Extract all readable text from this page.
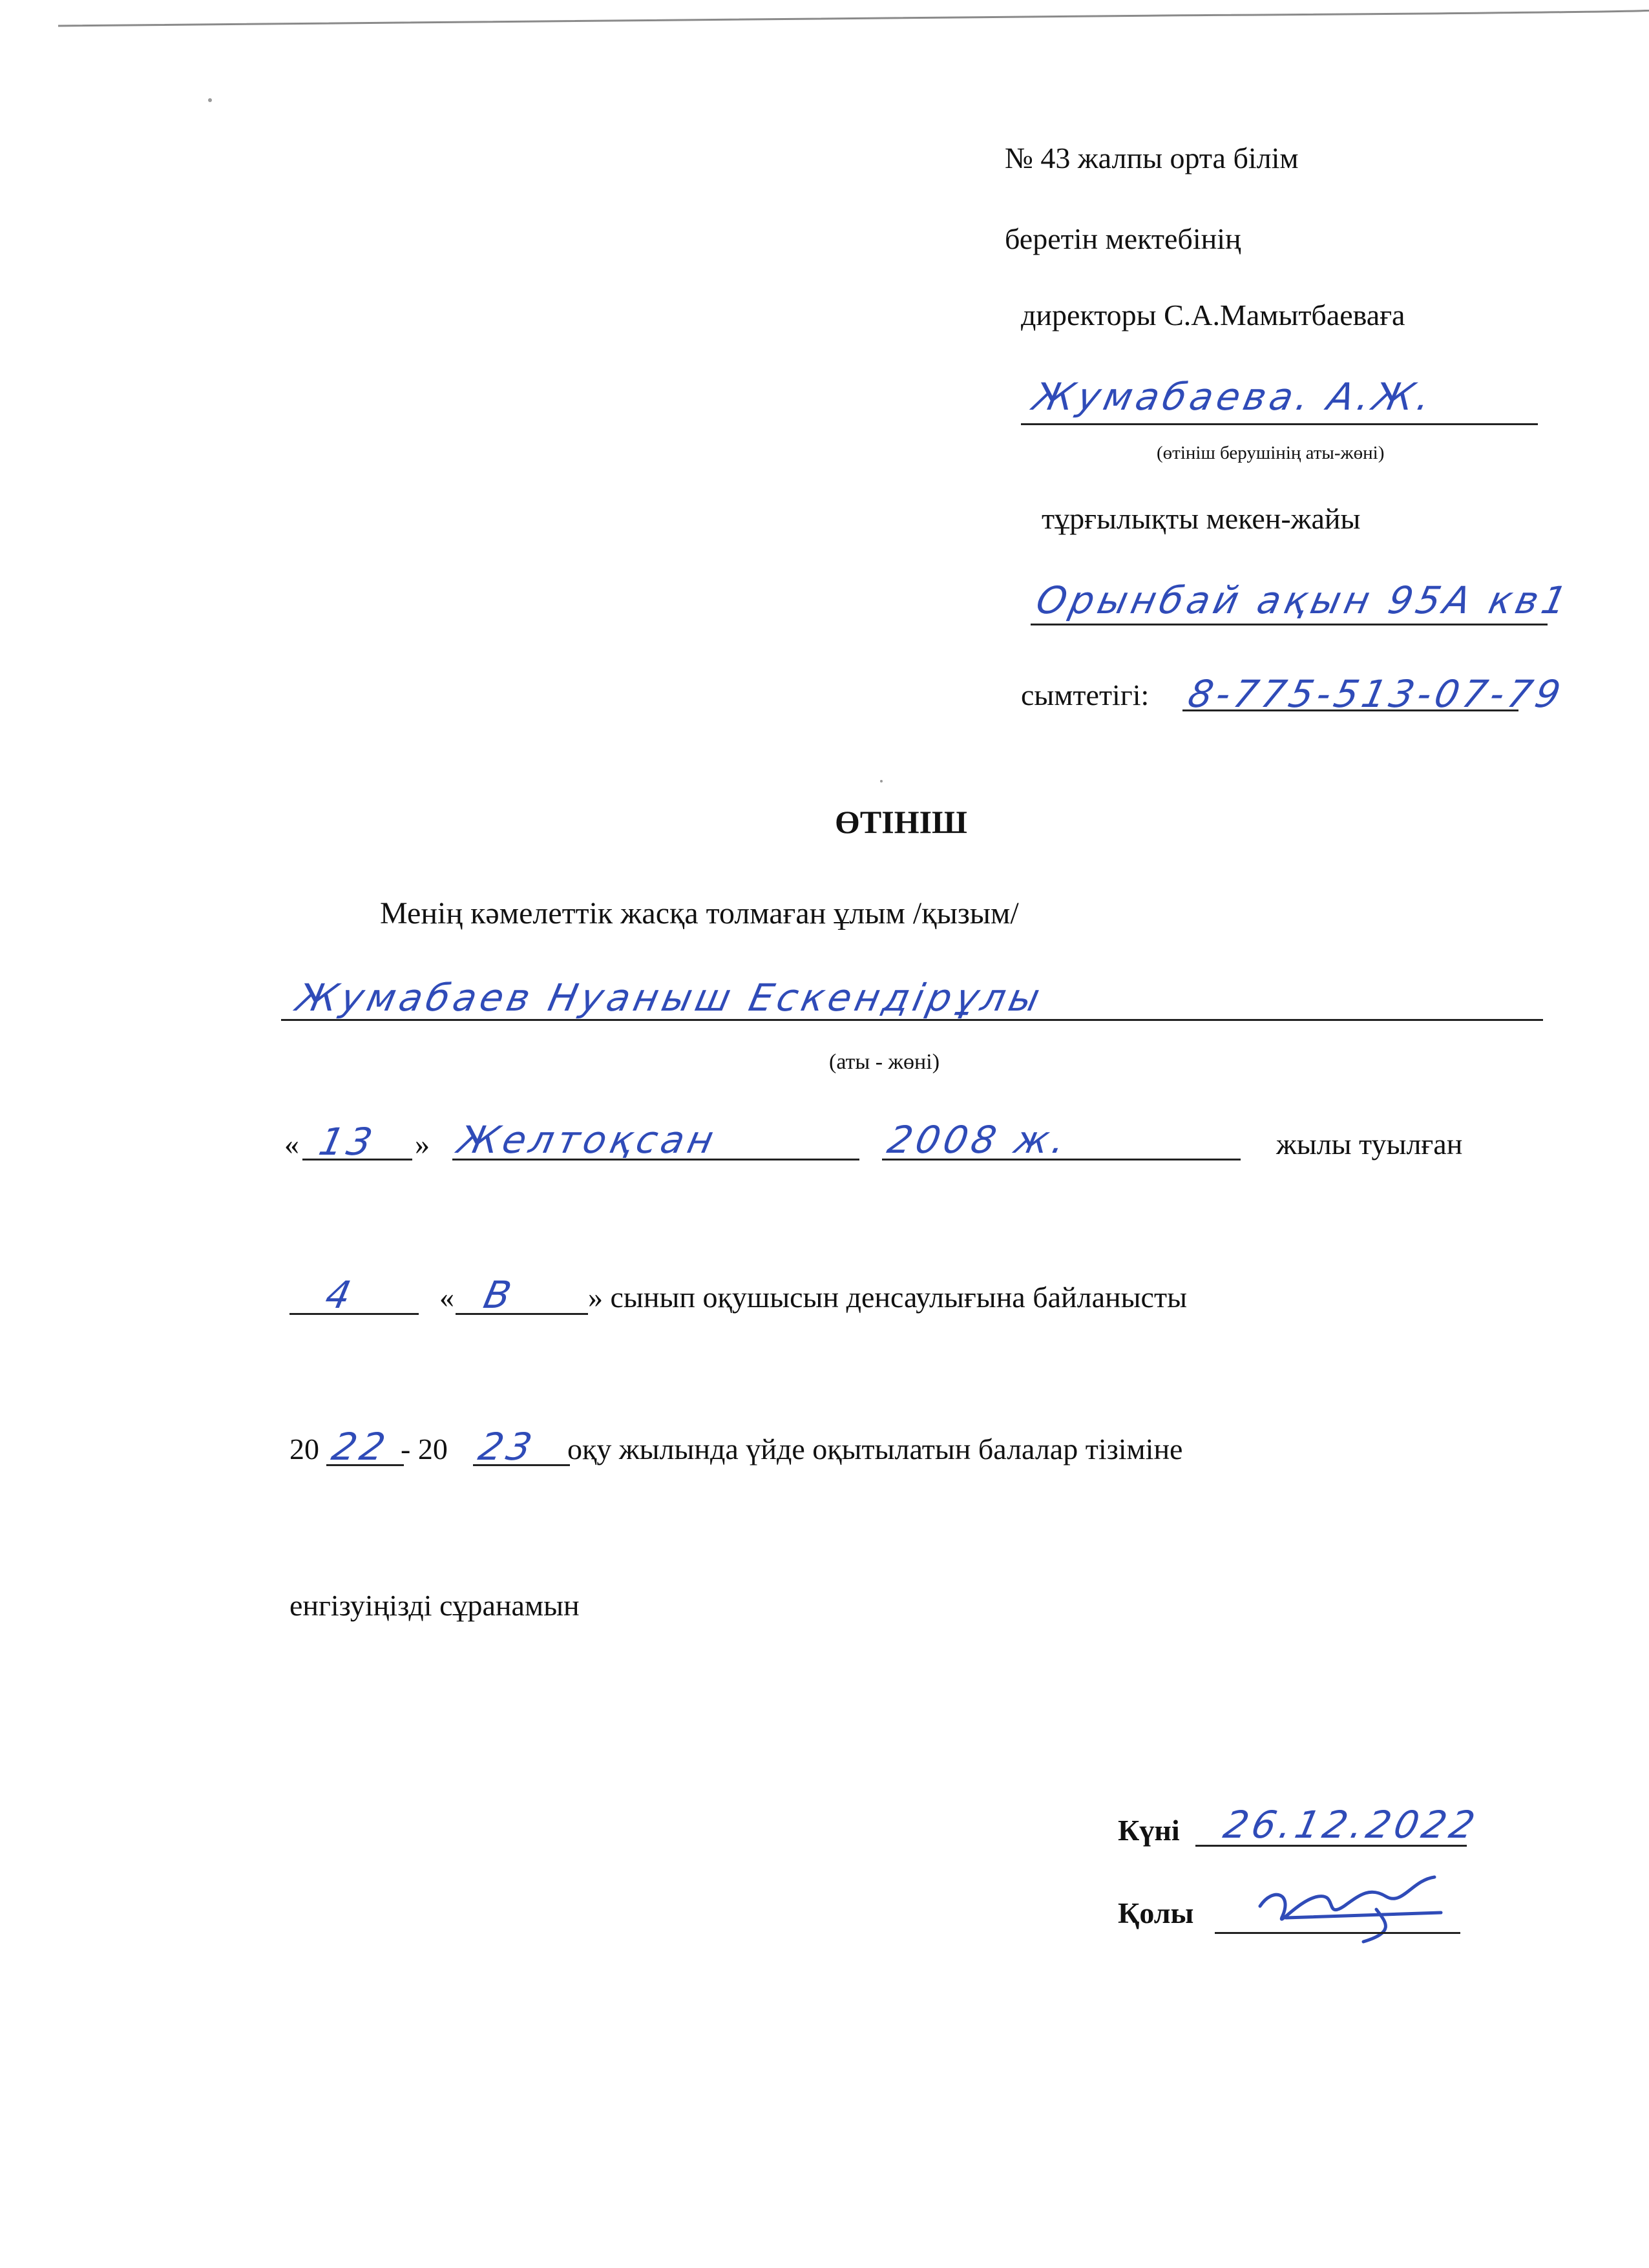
№ 43 жалпы орта білім
беретін мектебінің
директоры С.А.Мамытбаеваға
Жумабаева. А.Ж.
(өтініш берушінің аты-жөні)
тұрғылықты мекен-жайы
Орынбай ақын 95А кв1
сымтетігі: 8-775-513-07-79
ӨТІНІШ
Менің кәмелеттік жасқа толмаған ұлым /қызым/
Жумабаев Нуаныш Ескендірұлы
(аты - жөні)
« 13 » Желтоқсан	2008 ж.	жылы туылған
4	« В » сынып оқушысын денсаулығына байланысты
20 22 - 20 23 оқу жылында үйде оқытылатын балалар тізіміне
енгізуіңізді сұранамын
Күні 26.12.2022
Қолы
